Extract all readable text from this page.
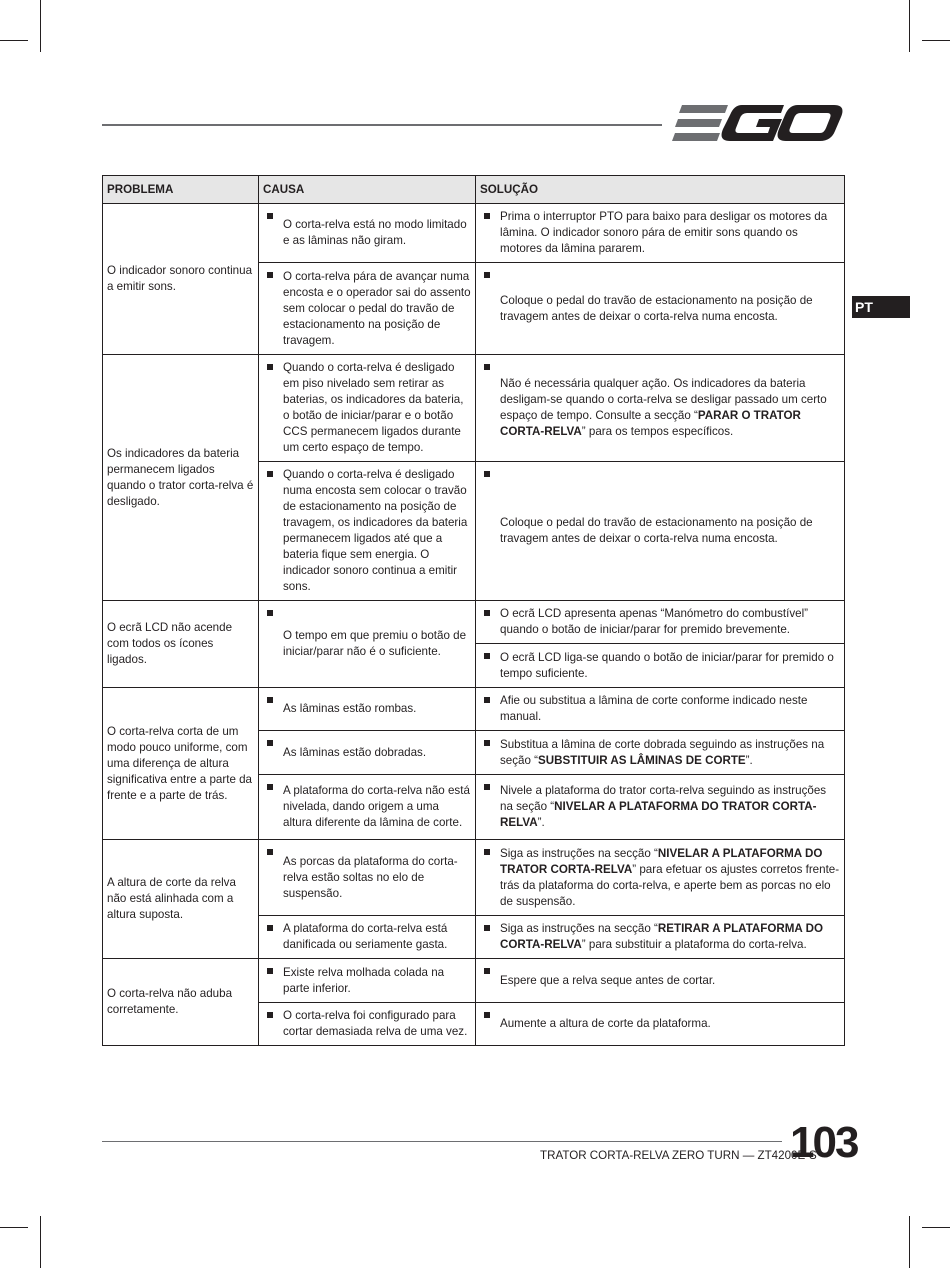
PT
PROBLEMA	CAUSA	SOLUÇÃO
O indicador sonoro continua a emitir sons.	O corta-relva está no modo limitado e as lâminas não giram.	Prima o interruptor PTO para baixo para desligar os motores da lâmina. O indicador sonoro pára de emitir sons quando os motores da lâmina pararem.
	O corta-relva pára de avançar numa encosta e o operador sai do assento sem colocar o pedal do travão de estacionamento na posição de travagem.	Coloque o pedal do travão de estacionamento na posição de travagem antes de deixar o corta-relva numa encosta.
Os indicadores da bateria permanecem ligados quando o trator corta-relva é desligado.	Quando o corta-relva é desligado em piso nivelado sem retirar as baterias, os indicadores da bateria, o botão de iniciar/parar e o botão CCS permanecem ligados durante um certo espaço de tempo.	Não é necessária qualquer ação. Os indicadores da bateria desligam-se quando o corta-relva se desligar passado um certo espaço de tempo. Consulte a secção “PARAR O TRATOR CORTA-RELVA” para os tempos específicos.
	Quando o corta-relva é desligado numa encosta sem colocar o travão de estacionamento na posição de travagem, os indicadores da bateria permanecem ligados até que a bateria fique sem energia. O indicador sonoro continua a emitir sons.	Coloque o pedal do travão de estacionamento na posição de travagem antes de deixar o corta-relva numa encosta.
O ecrã LCD não acende com todos os ícones ligados.	O tempo em que premiu o botão de iniciar/parar não é o suficiente.	O ecrã LCD apresenta apenas “Manómetro do combustível” quando o botão de iniciar/parar for premido brevemente.
		O ecrã LCD liga-se quando o botão de iniciar/parar for premido o tempo suficiente.
O corta-relva corta de um modo pouco uniforme, com uma diferença de altura significativa entre a parte da frente e a parte de trás.	As lâminas estão rombas.	Afie ou substitua a lâmina de corte conforme indicado neste manual.
	As lâminas estão dobradas.	Substitua a lâmina de corte dobrada seguindo as instruções na seção “SUBSTITUIR AS LÂMINAS DE CORTE”.
	A plataforma do corta-relva não está nivelada, dando origem a uma altura diferente da lâmina de corte.	Nivele a plataforma do trator corta-relva seguindo as instruções na seção “NIVELAR A PLATAFORMA DO TRATOR CORTA-RELVA”.
A altura de corte da relva não está alinhada com a altura suposta.	As porcas da plataforma do corta-relva estão soltas no elo de suspensão.	Siga as instruções na secção “NIVELAR A PLATAFORMA DO TRATOR CORTA-RELVA” para efetuar os ajustes corretos frente-trás da plataforma do corta-relva, e aperte bem as porcas no elo de suspensão.
	A plataforma do corta-relva está danificada ou seriamente gasta.	Siga as instruções na secção “RETIRAR A PLATAFORMA DO CORTA-RELVA” para substituir a plataforma do corta-relva.
O corta-relva não aduba corretamente.	Existe relva molhada colada na parte inferior.	Espere que a relva seque antes de cortar.
	O corta-relva foi configurado para cortar demasiada relva de uma vez.	Aumente a altura de corte da plataforma.
TRATOR CORTA-RELVA ZERO TURN — ZT4200E-S
103
